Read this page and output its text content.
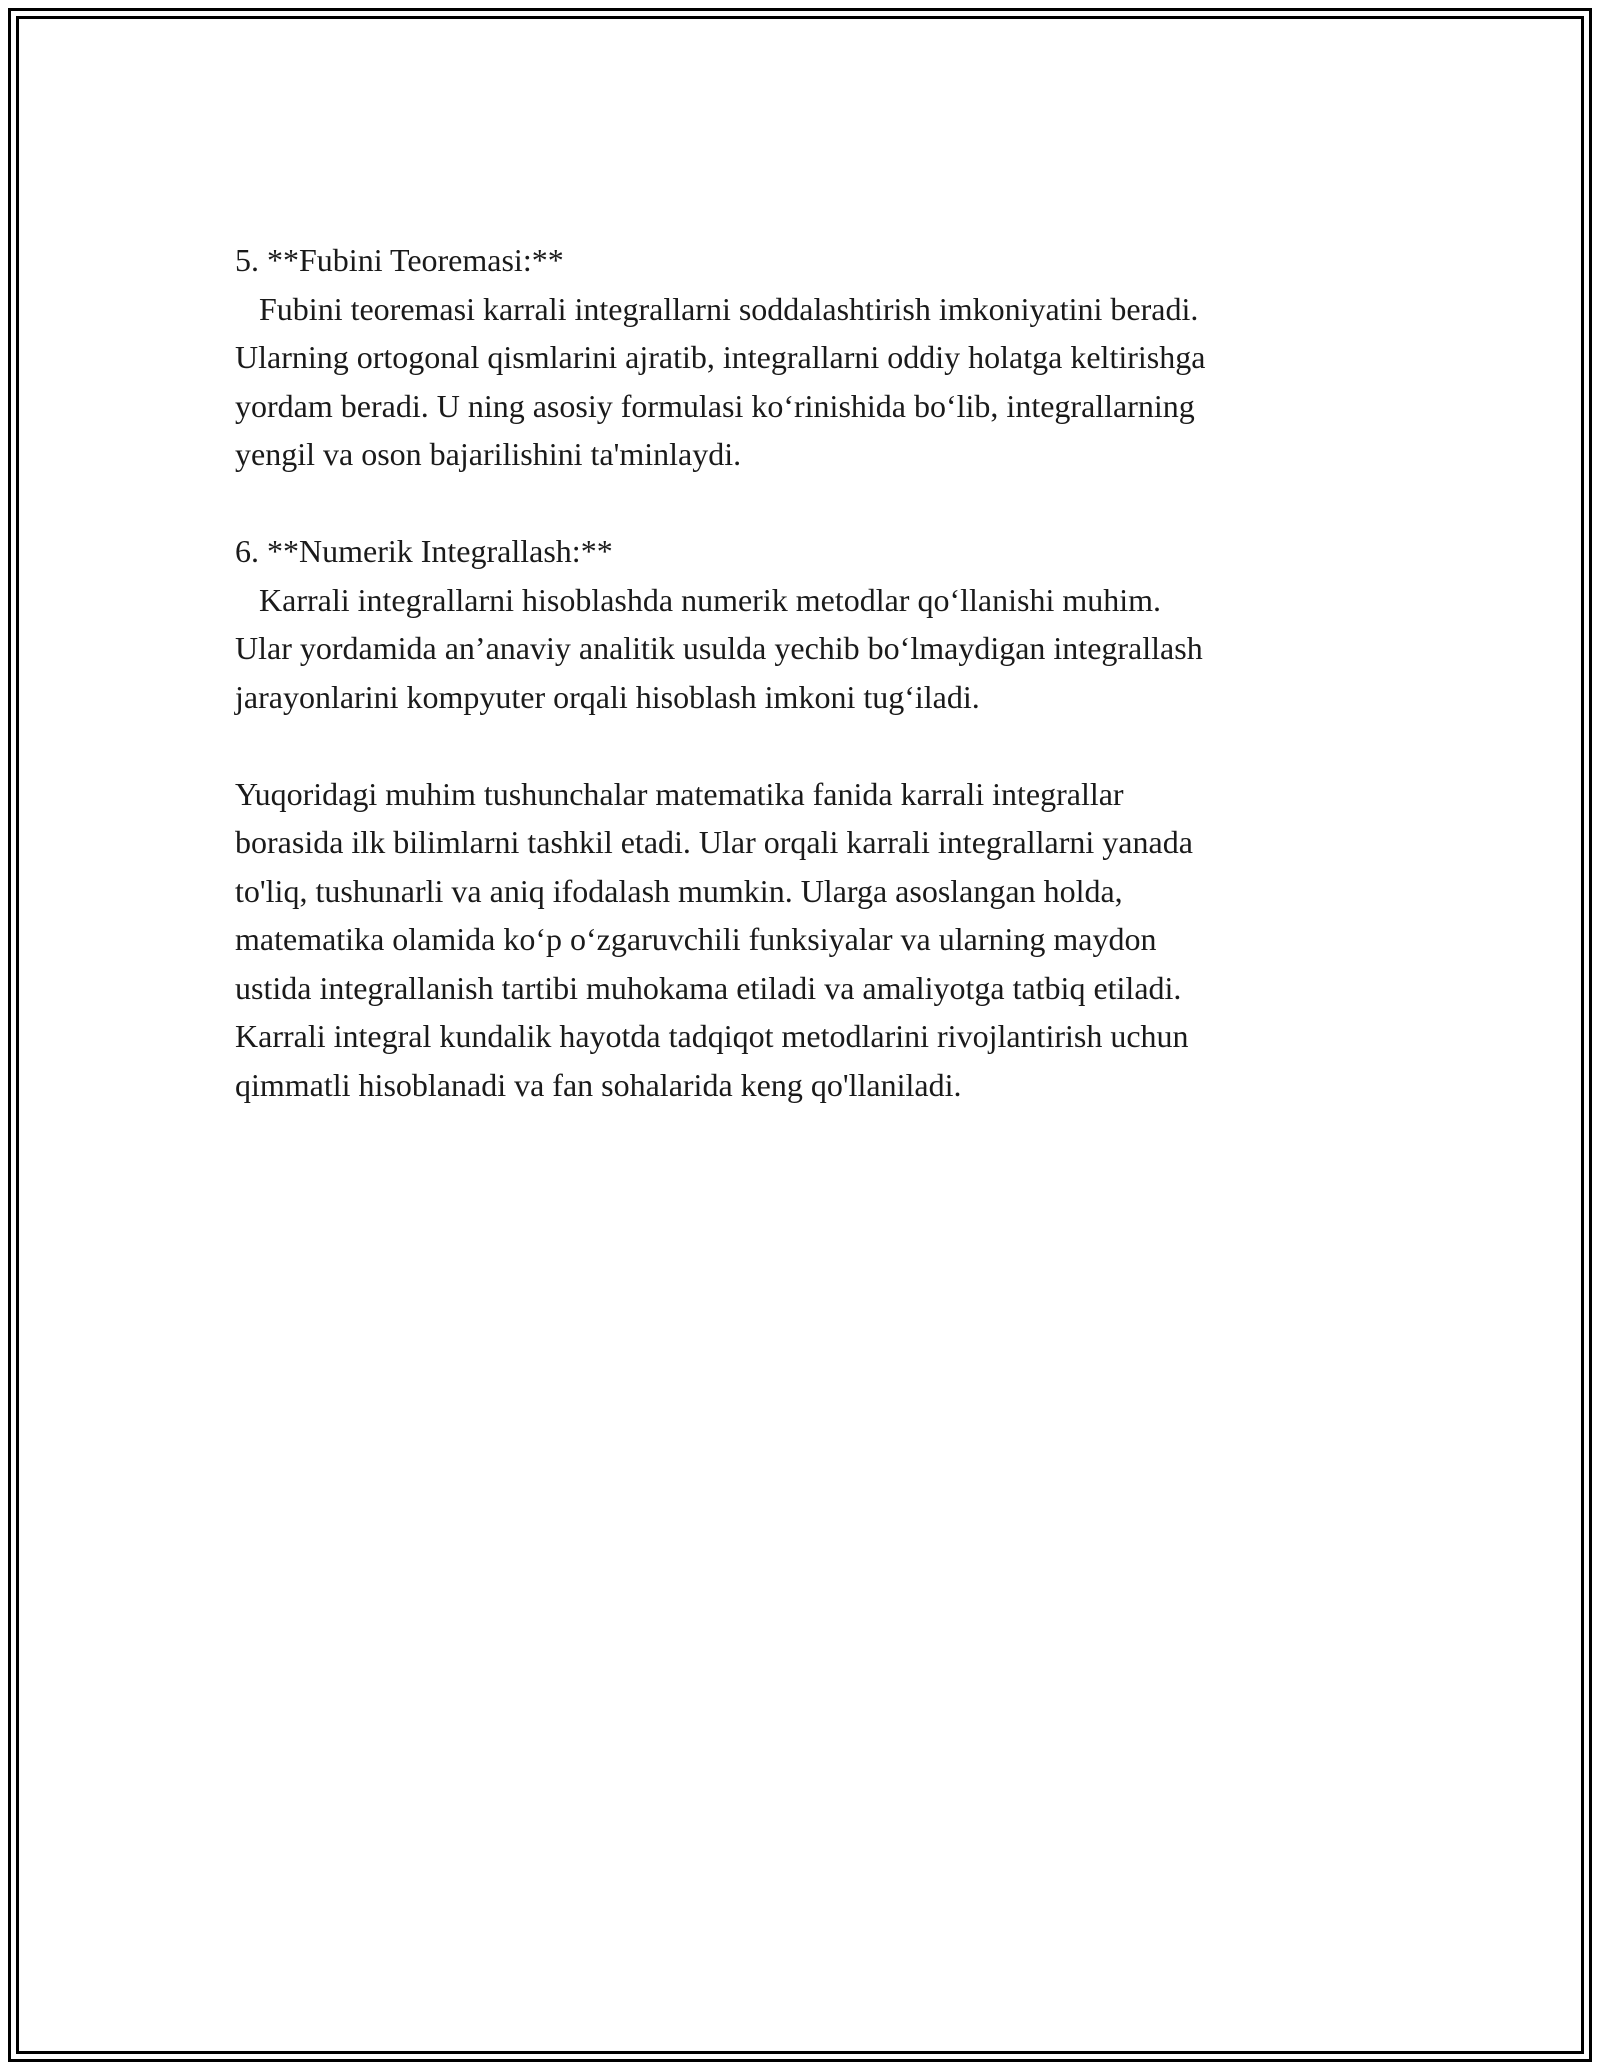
5. **Fubini Teoremasi:**
Fubini teoremasi karrali integrallarni soddalashtirish imkoniyatini beradi.
Ularning ortogonal qismlarini ajratib, integrallarni oddiy holatga keltirishga
yordam beradi. U ning asosiy formulasi koʻrinishida boʻlib, integrallarning
yengil va oson bajarilishini ta'minlaydi.
6. **Numerik Integrallash:**
Karrali integrallarni hisoblashda numerik metodlar qoʻllanishi muhim.
Ular yordamida an’anaviy analitik usulda yechib boʻlmaydigan integrallash
jarayonlarini kompyuter orqali hisoblash imkoni tugʻiladi.
Yuqoridagi muhim tushunchalar matematika fanida karrali integrallar
borasida ilk bilimlarni tashkil etadi. Ular orqali karrali integrallarni yanada
to'liq, tushunarli va aniq ifodalash mumkin. Ularga asoslangan holda,
matematika olamida koʻp oʻzgaruvchili funksiyalar va ularning maydon
ustida integrallanish tartibi muhokama etiladi va amaliyotga tatbiq etiladi.
Karrali integral kundalik hayotda tadqiqot metodlarini rivojlantirish uchun
qimmatli hisoblanadi va fan sohalarida keng qo'llaniladi.
